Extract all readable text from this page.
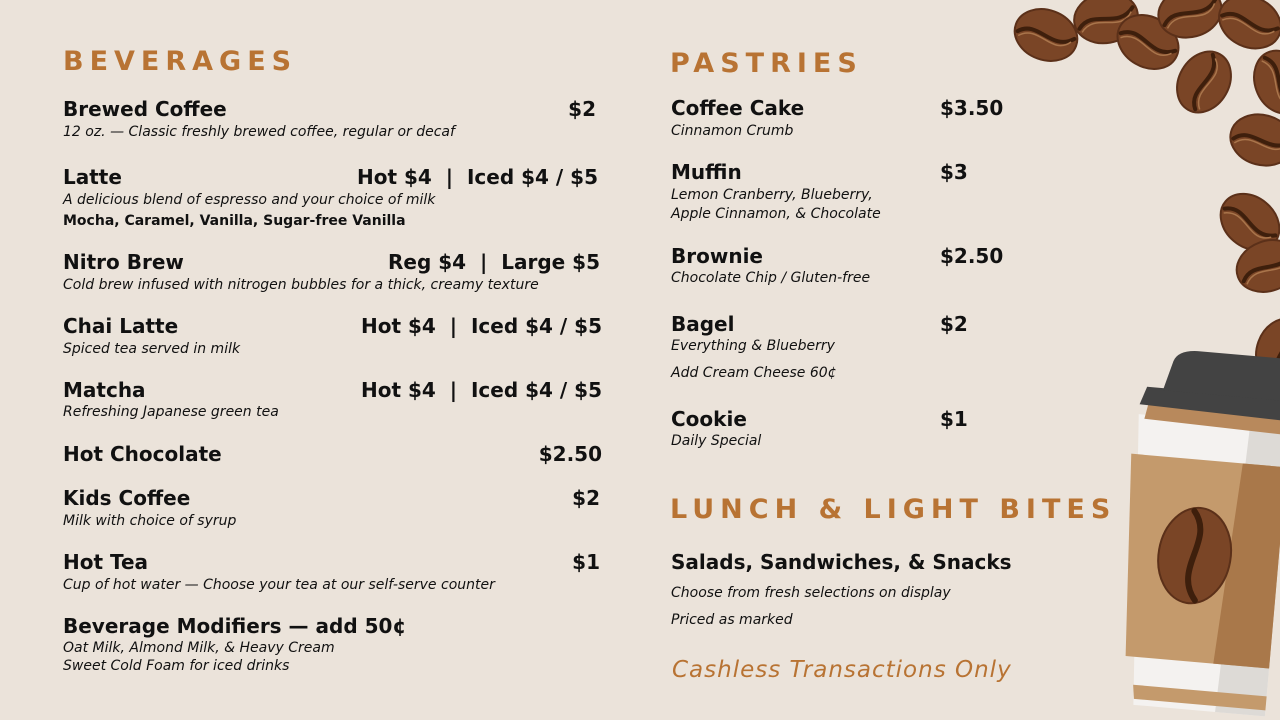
BEVERAGES
Brewed Coffee	$2
12 oz. — Classic freshly brewed coffee, regular or decaf
Latte	Hot $4  |  Iced $4 / $5
A delicious blend of espresso and your choice of milk
Mocha, Caramel, Vanilla, Sugar-free Vanilla
Nitro Brew	Reg $4  |  Large $5
Cold brew infused with nitrogen bubbles for a thick, creamy texture
Chai Latte	Hot $4  |  Iced $4 / $5
Spiced tea served in milk
Matcha	Hot $4  |  Iced $4 / $5
Refreshing Japanese green tea
Hot Chocolate	$2.50
Kids Coffee	$2
Milk with choice of syrup
Hot Tea	$1
Cup of hot water — Choose your tea at our self-serve counter
Beverage Modifiers — add 50¢
Oat Milk, Almond Milk, & Heavy Cream
Sweet Cold Foam for iced drinks
PASTRIES
Coffee Cake	$3.50
Cinnamon Crumb
Muffin	$3
Lemon Cranberry, Blueberry,
Apple Cinnamon, & Chocolate
Brownie	$2.50
Chocolate Chip / Gluten-free
Bagel	$2
Everything & Blueberry
Add Cream Cheese 60¢
Cookie	$1
Daily Special
LUNCH & LIGHT BITES
Salads, Sandwiches, & Snacks
Choose from fresh selections on display
Priced as marked
Cashless Transactions Only
